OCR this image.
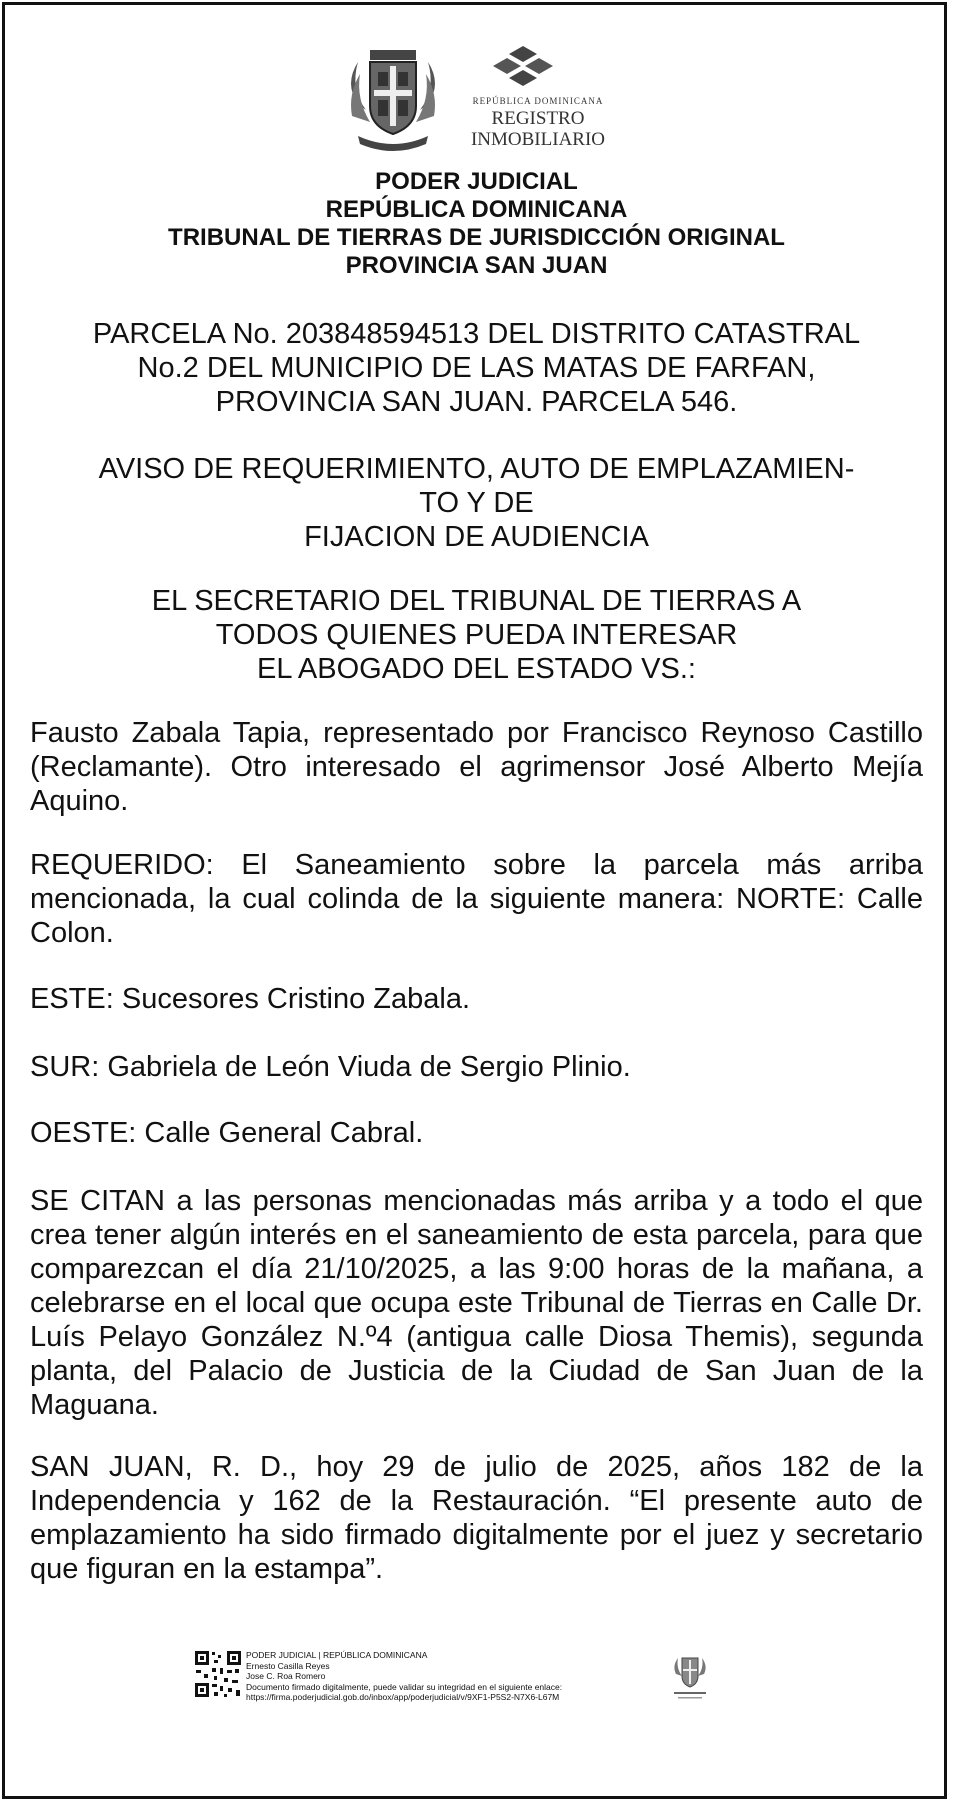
REPÚBLICA DOMINICANA
REGISTRO
INMOBILIARIO
PODER JUDICIAL
REPÚBLICA DOMINICANA
TRIBUNAL DE TIERRAS DE JURISDICCIÓN ORIGINAL
PROVINCIA SAN JUAN
PARCELA No. 203848594513 DEL DISTRITO CATASTRAL
No.2 DEL MUNICIPIO DE LAS MATAS DE FARFAN,
PROVINCIA SAN JUAN. PARCELA 546.
AVISO DE REQUERIMIENTO, AUTO DE EMPLAZAMIEN-
TO Y DE
FIJACION DE AUDIENCIA
EL SECRETARIO DEL TRIBUNAL DE TIERRAS A
TODOS QUIENES PUEDA INTERESAR
EL ABOGADO DEL ESTADO VS.:
Fausto Zabala Tapia, representado por Francisco Reynoso Castillo (Reclamante). Otro interesado el agrimensor José Alberto Mejía Aquino.
REQUERIDO: El Saneamiento sobre la parcela más arriba mencionada, la cual colinda de la siguiente manera: NORTE: Calle Colon.
ESTE: Sucesores Cristino Zabala.
SUR: Gabriela de León Viuda de Sergio Plinio.
OESTE: Calle General Cabral.
SE CITAN a las personas mencionadas más arriba y a todo el que crea tener algún interés en el saneamiento de esta parcela, para que comparezcan el día 21/10/2025, a las 9:00 horas de la mañana, a celebrarse en el local que ocupa este Tribunal de Tierras en Calle Dr. Luís Pelayo González N.º4 (antigua calle Diosa Themis), segunda planta, del Palacio de Justicia de la Ciudad de San Juan de la Maguana.
SAN JUAN, R. D., hoy 29 de julio de 2025, años 182 de la Independencia y 162 de la Restauración. “El presente auto de emplazamiento ha sido firmado digitalmente por el juez y secretario que figuran en la estampa”.
PODER JUDICIAL | REPÚBLICA DOMINICANA
Ernesto Casilla Reyes
Jose C. Roa Romero
Documento firmado digitalmente, puede validar su integridad en el siguiente enlace:
https://firma.poderjudicial.gob.do/inbox/app/poderjudicial/v/9XF1-P5S2-N7X6-L67M
